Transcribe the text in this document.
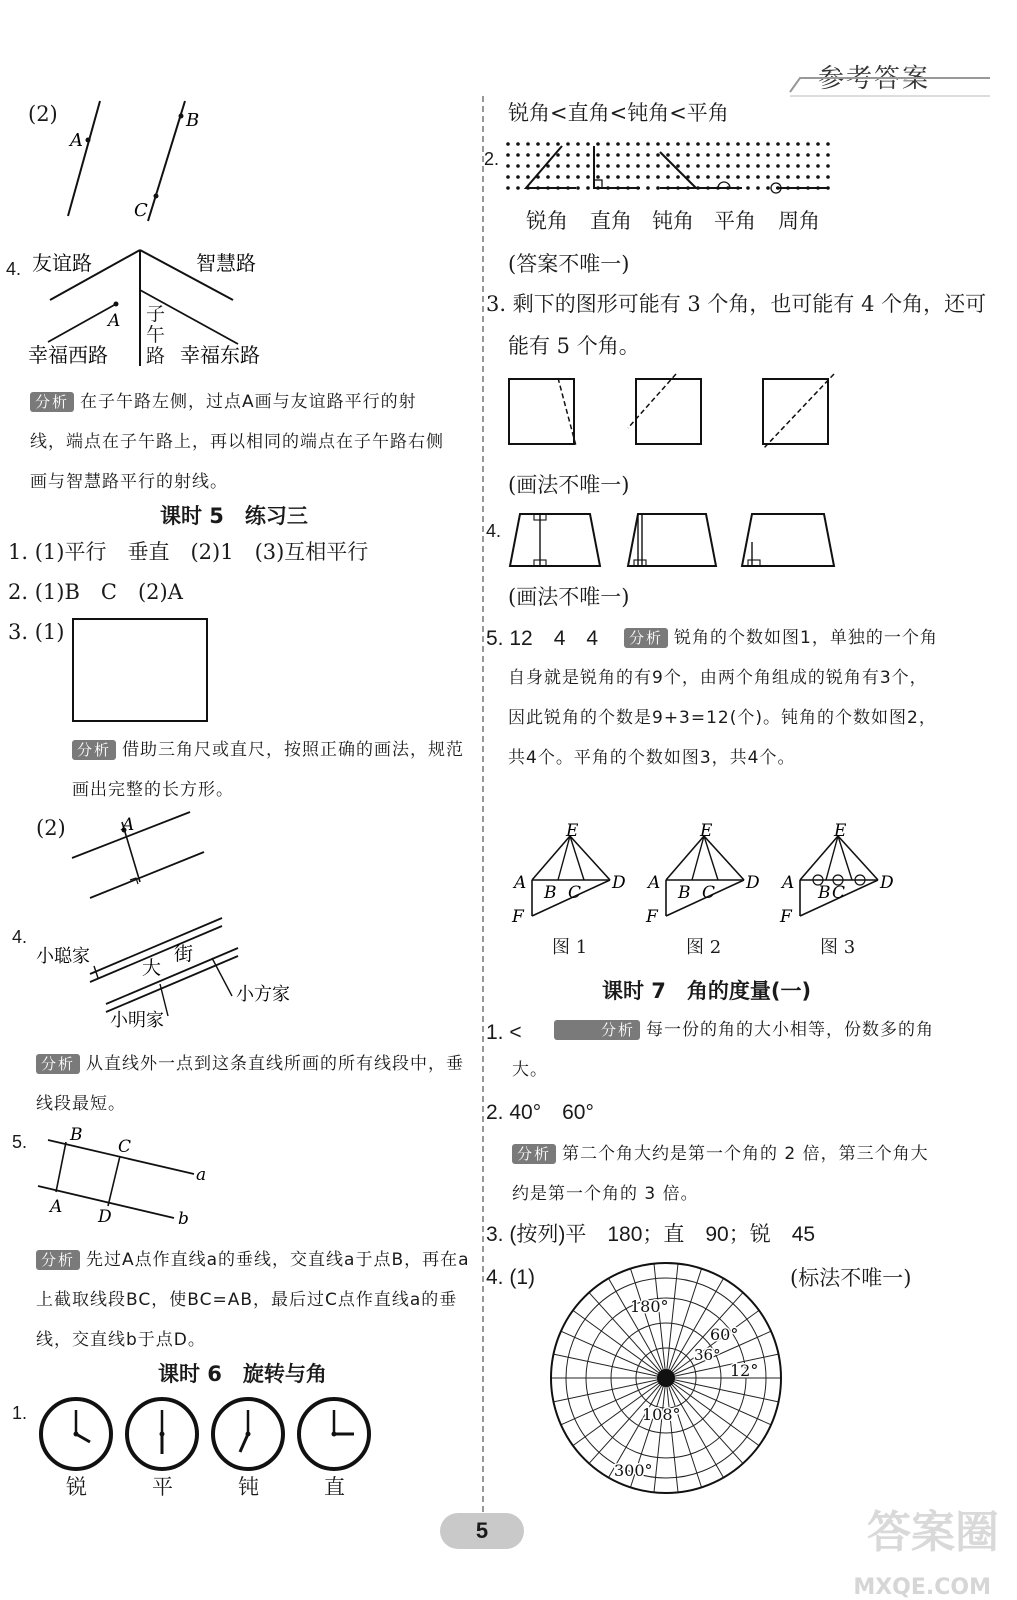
参考答案
(2)
A
B
C
4. 友谊路	智慧路
A
幸福西路	幸福东路
子午路
分析 在子午路左侧，过点A画与友谊路平行的射线，端点在子午路上，再以相同的端点在子午路右侧画与智慧路平行的射线。
课时 5　练习三
1. (1)平行　垂直　(2)1　(3)互相平行
2. (1)B　C　(2)A
3. (1)
分析 借助三角尺或直尺，按照正确的画法，规范画出完整的长方形。
(2)	A
4.
小聪家
大
街
小方家
小明家
分析 从直线外一点到这条直线所画的所有线段中，垂线段最短。
5.	B
C
A D
a
b
分析 先过A点作直线a的垂线，交直线a于点B，再在a上截取线段BC，使BC=AB，最后过C点作直线a的垂线，交直线b于点D。
课时 6　旋转与角
1.
锐	平	钝	直
锐角<直角<钝角<平角
2.
锐角 直角 钝角 平角 周角
(答案不唯一)
3. 剩下的图形可能有 3 个角，也可能有 4 个角，还可
能有 5 个角。
(画法不唯一)
4.
(画法不唯一)
5. 12　4　4	分析 锐角的个数如图1，单独的一个角自身就是锐角的有9个，由两个角组成的锐角有3个，因此锐角的个数是9+3=12(个)。钝角的个数如图2，共4个。平角的个数如图3，共4个。
E
A B C D
F
E
A B C D
F
E
A B C D
F
图 1	图 2	图 3
课时 7　角的度量(一)
1. <	分析 每一份的角的大小相等，份数多的角大。
2. 40°　60°
分析 第二个角大约是第一个角的 2 倍，第三个角大约是第一个角的 3 倍。
3. (按列)平　180；直　90；锐　45
4. (1)	(标法不唯一)
180°
60°
36°
12°
108°
300°
5	答案圈
MXQE.COM
